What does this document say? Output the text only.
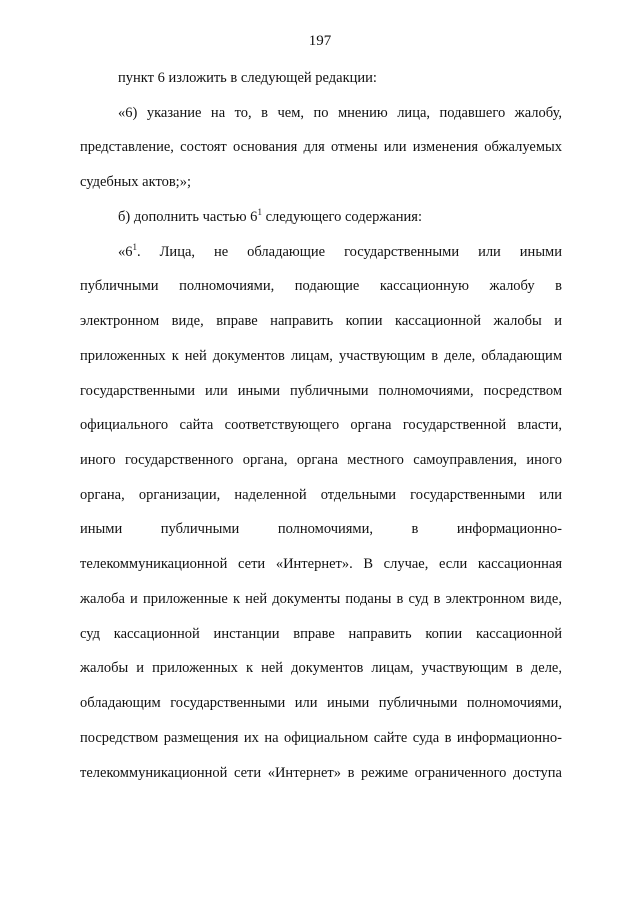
197
пункт 6 изложить в следующей редакции:
«6) указание на то, в чем, по мнению лица, подавшего жалобу,
представление, состоят основания для отмены или изменения обжалуемых
судебных актов;»;
б) дополнить частью $6^1$ следующего содержания:
«$6^1$. Лица, не обладающие государственными или иными
публичными полномочиями, подающие кассационную жалобу в
электронном виде, вправе направить копии кассационной жалобы и
приложенных к ней документов лицам, участвующим в деле, обладающим
государственными или иными публичными полномочиями, посредством
официального сайта соответствующего органа государственной власти,
иного государственного органа, органа местного самоуправления, иного
органа, организации, наделенной отдельными государственными или
иными публичными полномочиями, в информационно-
телекоммуникационной сети «Интернет». В случае, если кассационная
жалоба и приложенные к ней документы поданы в суд в электронном виде,
суд кассационной инстанции вправе направить копии кассационной
жалобы и приложенных к ней документов лицам, участвующим в деле,
обладающим государственными или иными публичными полномочиями,
посредством размещения их на официальном сайте суда в информационно-
телекоммуникационной сети «Интернет» в режиме ограниченного доступа
